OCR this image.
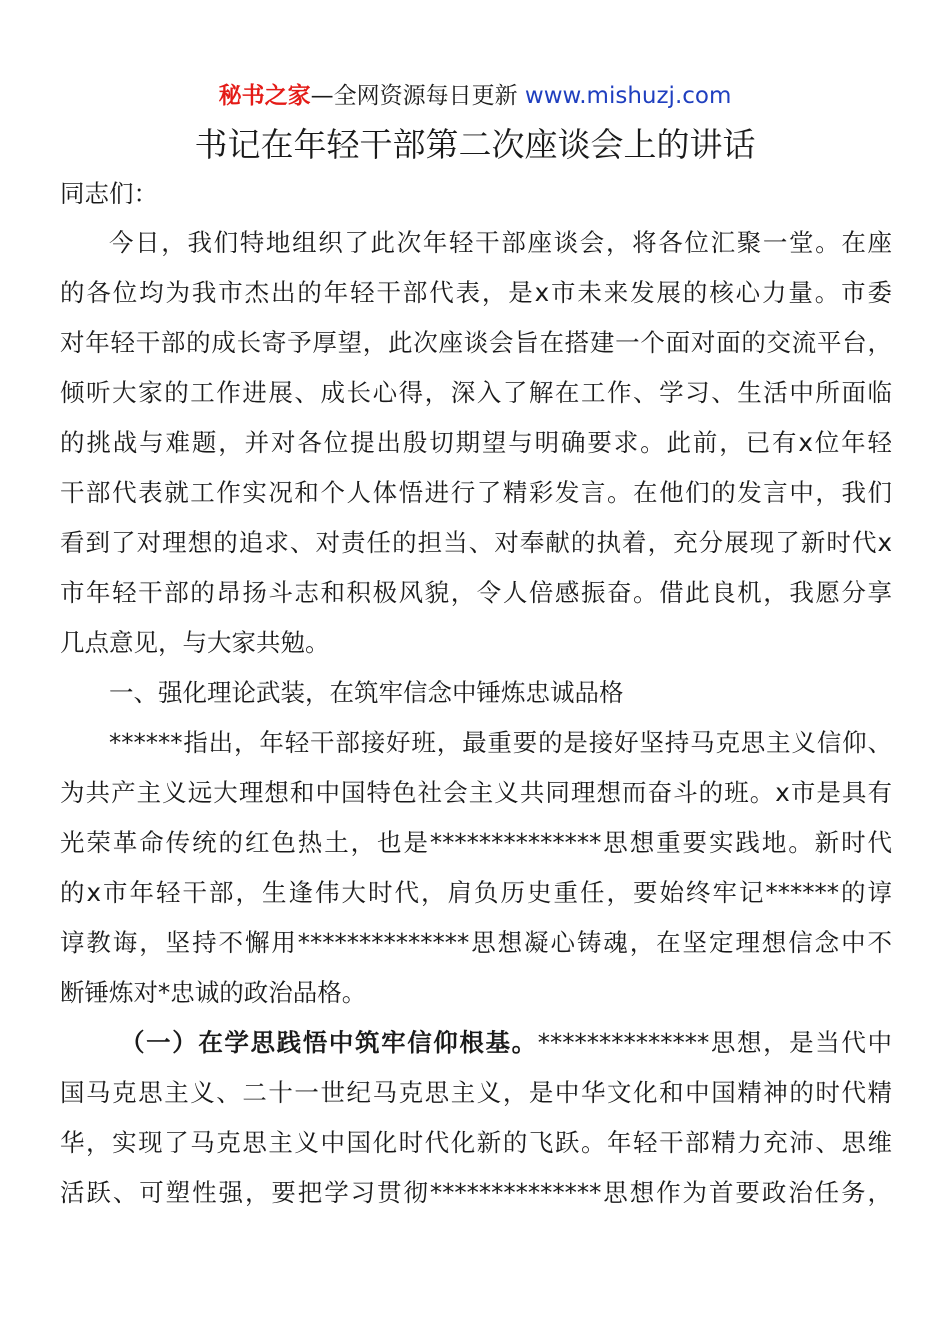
秘书之家—全网资源每日更新 www.mishuzj.com
书记在年轻干部第二次座谈会上的讲话
同志们：
今日，我们特地组织了此次年轻干部座谈会，将各位汇聚一堂。在座
的各位均为我市杰出的年轻干部代表，是x市未来发展的核心力量。市委
对年轻干部的成长寄予厚望，此次座谈会旨在搭建一个面对面的交流平台，
倾听大家的工作进展、成长心得，深入了解在工作、学习、生活中所面临
的挑战与难题，并对各位提出殷切期望与明确要求。此前，已有x位年轻
干部代表就工作实况和个人体悟进行了精彩发言。在他们的发言中，我们
看到了对理想的追求、对责任的担当、对奉献的执着，充分展现了新时代x
市年轻干部的昂扬斗志和积极风貌，令人倍感振奋。借此良机，我愿分享
几点意见，与大家共勉。
一、强化理论武装，在筑牢信念中锤炼忠诚品格
******指出，年轻干部接好班，最重要的是接好坚持马克思主义信仰、
为共产主义远大理想和中国特色社会主义共同理想而奋斗的班。x市是具有
光荣革命传统的红色热土，也是**************思想重要实践地。新时代
的x市年轻干部，生逢伟大时代，肩负历史重任，要始终牢记******的谆
谆教诲，坚持不懈用**************思想凝心铸魂，在坚定理想信念中不
断锤炼对*忠诚的政治品格。
（一）在学思践悟中筑牢信仰根基。**************思想，是当代中
国马克思主义、二十一世纪马克思主义，是中华文化和中国精神的时代精
华，实现了马克思主义中国化时代化新的飞跃。年轻干部精力充沛、思维
活跃、可塑性强，要把学习贯彻**************思想作为首要政治任务，
